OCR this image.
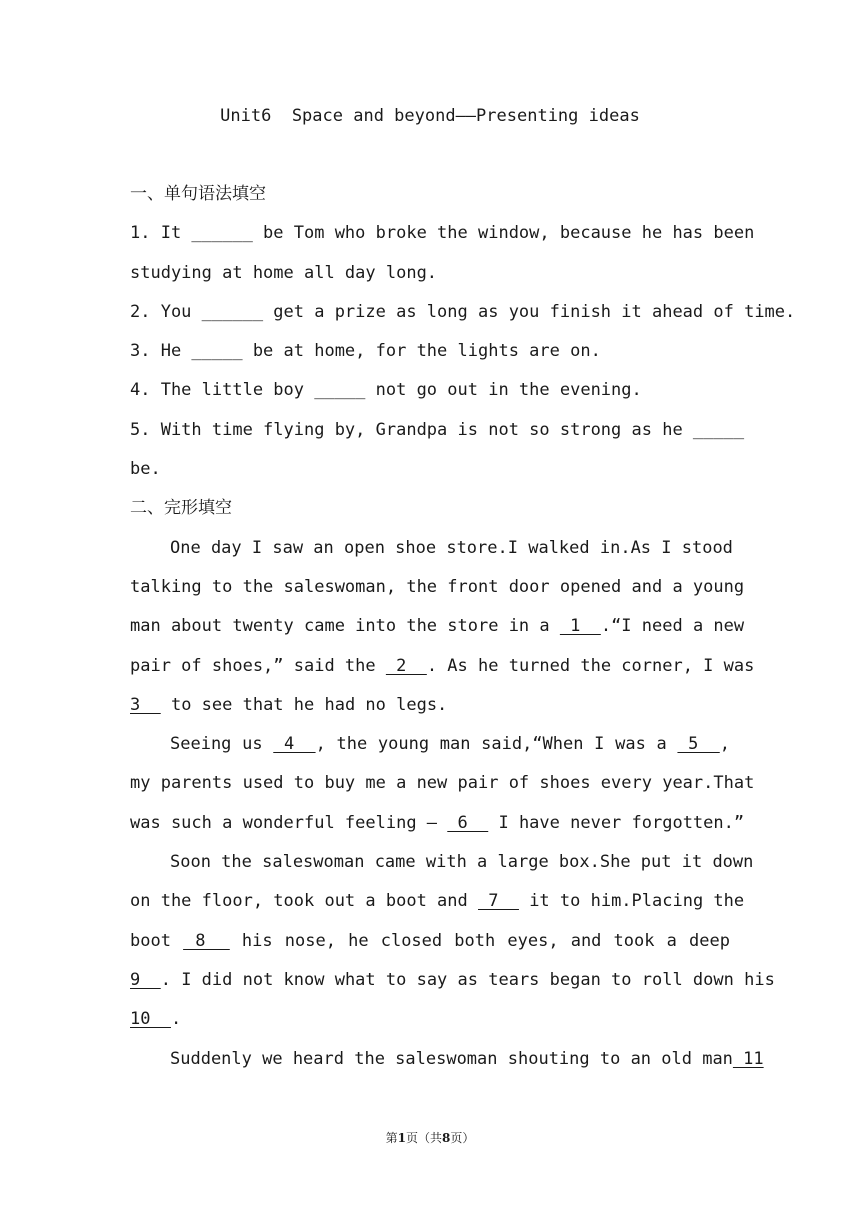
Unit6  Space and beyond——Presenting ideas
一、单句语法填空
1. It ______ be Tom who broke the window, because he has been
studying at home all day long.
2. You ______ get a prize as long as you finish it ahead of time.
3. He _____ be at home, for the lights are on.
4. The little boy _____ not go out in the evening.
5. With time flying by, Grandpa is not so strong as he _____
be.
二、完形填空
One day I saw an open shoe store.I walked in.As I stood
talking to the saleswoman, the front door opened and a young
man about twenty came into the store in a  1  .“I need a new
pair of shoes,” said the  2  . As he turned the corner, I was
3   to see that he had no legs.
Seeing us  4  , the young man said,“When I was a  5  ,
my parents used to buy me a new pair of shoes every year.That
was such a wonderful feeling —  6   I have never forgotten.”
Soon the saleswoman came with a large box.She put it down
on the floor, took out a boot and  7   it to him.Placing the
boot  8   his nose, he closed both eyes, and took a deep
9  . I did not know what to say as tears began to roll down his
10  .
Suddenly we heard the saleswoman shouting to an old man 11
第1页（共8页）
